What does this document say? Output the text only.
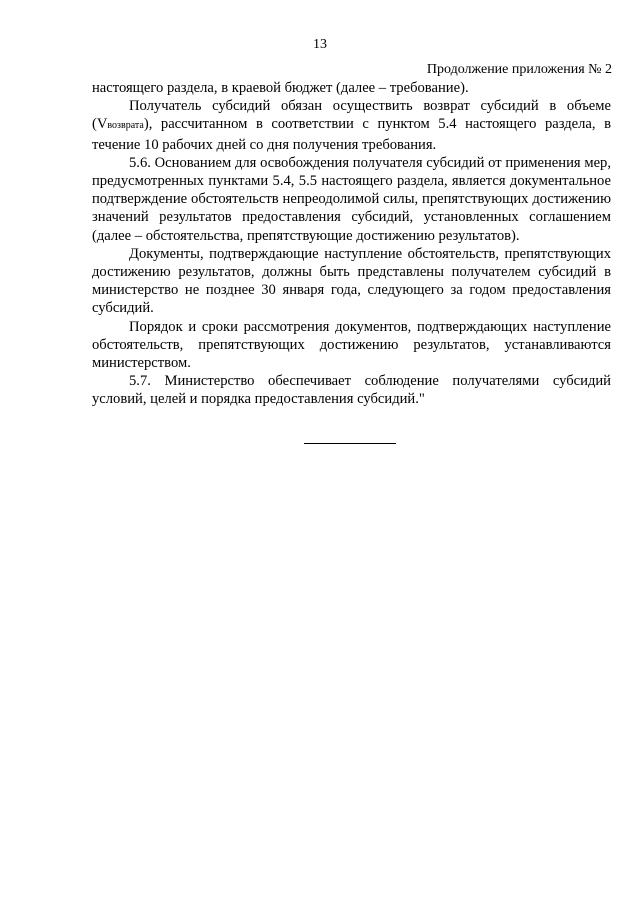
13
Продолжение приложения № 2

настоящего раздела, в краевой бюджет (далее – требование).

Получатель субсидий обязан осуществить возврат субсидий в объеме (Vвозврата), рассчитанном в соответствии с пунктом 5.4 настоящего раздела, в течение 10 рабочих дней со дня получения требования.

5.6. Основанием для освобождения получателя субсидий от применения мер, предусмотренных пунктами 5.4, 5.5 настоящего раздела, является документальное подтверждение обстоятельств непреодолимой силы, препятствующих достижению значений результатов предоставления субсидий, установленных соглашением (далее – обстоятельства, препятствующие достижению результатов).

Документы, подтверждающие наступление обстоятельств, препятствующих достижению результатов, должны быть представлены получателем субсидий в министерство не позднее 30 января года, следующего за годом предоставления субсидий.

Порядок и сроки рассмотрения документов, подтверждающих наступление обстоятельств, препятствующих достижению результатов, устанавливаются министерством.

5.7. Министерство обеспечивает соблюдение получателями субсидий условий, целей и порядка предоставления субсидий."
